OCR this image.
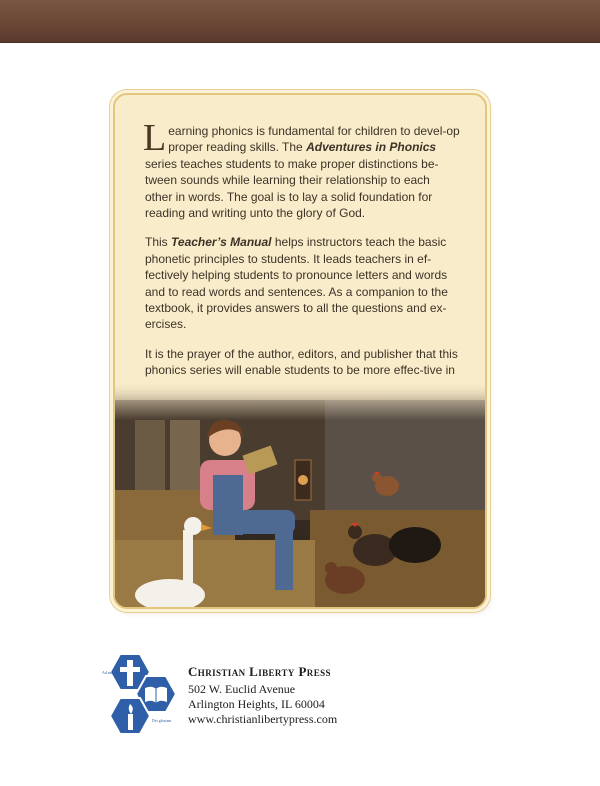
Learning phonics is fundamental for children to devel-op proper reading skills. The Adventures in Phonics series teaches students to make proper distinctions be-tween sounds while learning their relationship to each other in words. The goal is to lay a solid foundation for reading and writing unto the glory of God.

This Teacher’s Manual helps instructors teach the basic phonetic principles to students. It leads teachers in ef-fectively helping students to pronounce letters and words and to read words and sentences. As a companion to the textbook, it provides answers to all the questions and ex-ercises.

It is the prayer of the author, editors, and publisher that this phonics series will enable students to be more effec-tive in

Ad maiorem
Dei gloriam
Christian Liberty Press
502 W. Euclid Avenue
Arlington Heights, IL 60004
www.christianlibertypress.com
